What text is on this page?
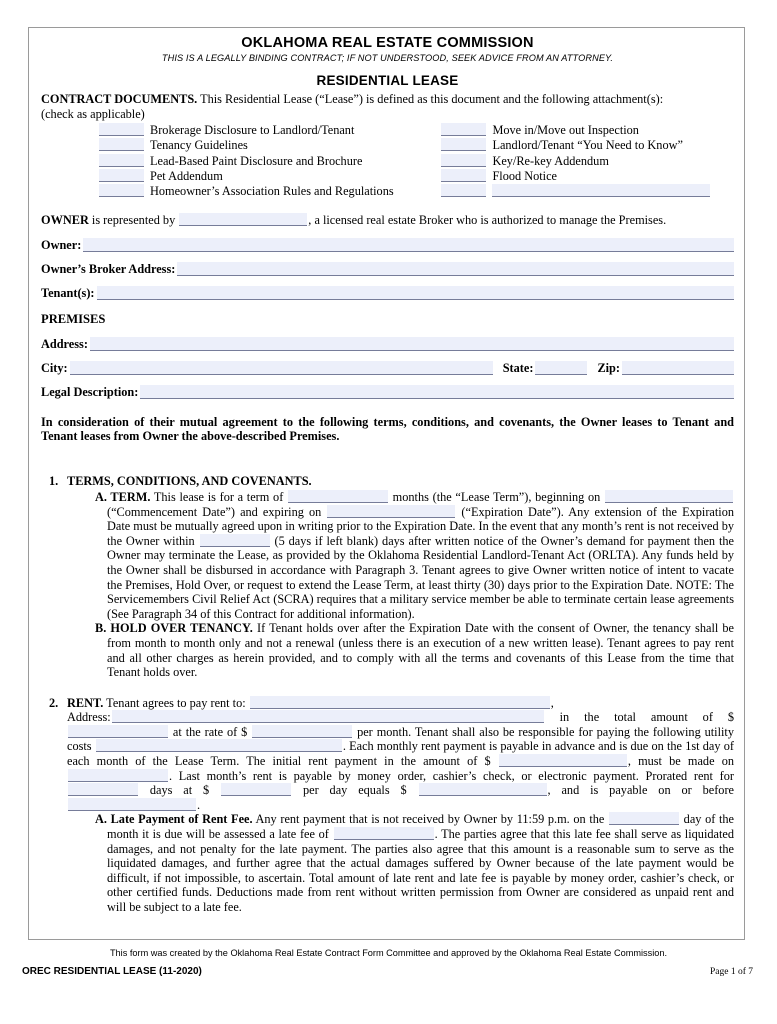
OKLAHOMA REAL ESTATE COMMISSION
THIS IS A LEGALLY BINDING CONTRACT; IF NOT UNDERSTOOD, SEEK ADVICE FROM AN ATTORNEY.
RESIDENTIAL LEASE
CONTRACT DOCUMENTS. This Residential Lease (“Lease”) is defined as this document and the following attachment(s):
(check as applicable)
	Brokerage Disclosure to Landlord/Tenant		Move in/Move out Inspection
	Tenancy Guidelines		Landlord/Tenant “You Need to Know”
	Lead-Based Paint Disclosure and Brochure		Key/Re-key Addendum
	Pet Addendum		Flood Notice
	Homeowner’s Association Rules and Regulations		
OWNER is represented by	, a licensed real estate Broker who is authorized to manage the Premises.
Owner:
Owner’s Broker Address:
Tenant(s):
PREMISES
Address:
City:	State:	Zip:
Legal Description:
In consideration of their mutual agreement to the following terms, conditions, and covenants, the Owner leases to Tenant and Tenant leases from Owner the above-described Premises.
1. TERMS, CONDITIONS, AND COVENANTS.
A. TERM. This lease is for a term of	months (the “Lease Term”), beginning on  (“Commencement Date”) and expiring on	(“Expiration Date”). Any extension of the Expiration Date must be mutually agreed upon in writing prior to the Expiration Date. In the event that any month’s rent is not received by the Owner within	(5 days if left blank) days after written notice of the Owner’s demand for payment then the Owner may terminate the Lease, as provided by the Oklahoma Residential Landlord-Tenant Act (ORLTA). Any funds held by the Owner shall be disbursed in accordance with Paragraph 3. Tenant agrees to give Owner written notice of intent to vacate the Premises, Hold Over, or request to extend the Lease Term, at least thirty (30) days prior to the Expiration Date. NOTE: The Servicemembers Civil Relief Act (SCRA) requires that a military service member be able to terminate certain lease agreements (See Paragraph 34 of this Contract for additional information).
B. HOLD OVER TENANCY. If Tenant holds over after the Expiration Date with the consent of Owner, the tenancy shall be from month to month only and not a renewal (unless there is an execution of a new written lease). Tenant agrees to pay rent and all other charges as herein provided, and to comply with all the terms and covenants of this Lease from the time that Tenant holds over.
2. RENT. Tenant agrees to pay rent to:	,
Address:	in the total amount of $  at the rate of $	per month. Tenant shall also be responsible for paying the following utility costs	. Each monthly rent payment is payable in advance and is due on the 1st day of each month of the Lease Term. The initial rent payment in the amount of $	, must be made on . Last month’s rent is payable by money order, cashier’s check, or electronic payment. Prorated rent for  days at $	per day equals $	, and is payable on or before .
A. Late Payment of Rent Fee. Any rent payment that is not received by Owner by 11:59 p.m. on the	day of the month it is due will be assessed a late fee of	. The parties agree that this late fee shall serve as liquidated damages, and not penalty for the late payment. The parties also agree that this amount is a reasonable sum to serve as the liquidated damages, and further agree that the actual damages suffered by Owner because of the late payment would be difficult, if not impossible, to ascertain. Total amount of late rent and late fee is payable by money order, cashier’s check, or other certified funds. Deductions made from rent without written permission from Owner are considered as unpaid rent and will be subject to a late fee.
This form was created by the Oklahoma Real Estate Contract Form Committee and approved by the Oklahoma Real Estate Commission.
OREC RESIDENTIAL LEASE (11-2020)	Page 1 of 7
